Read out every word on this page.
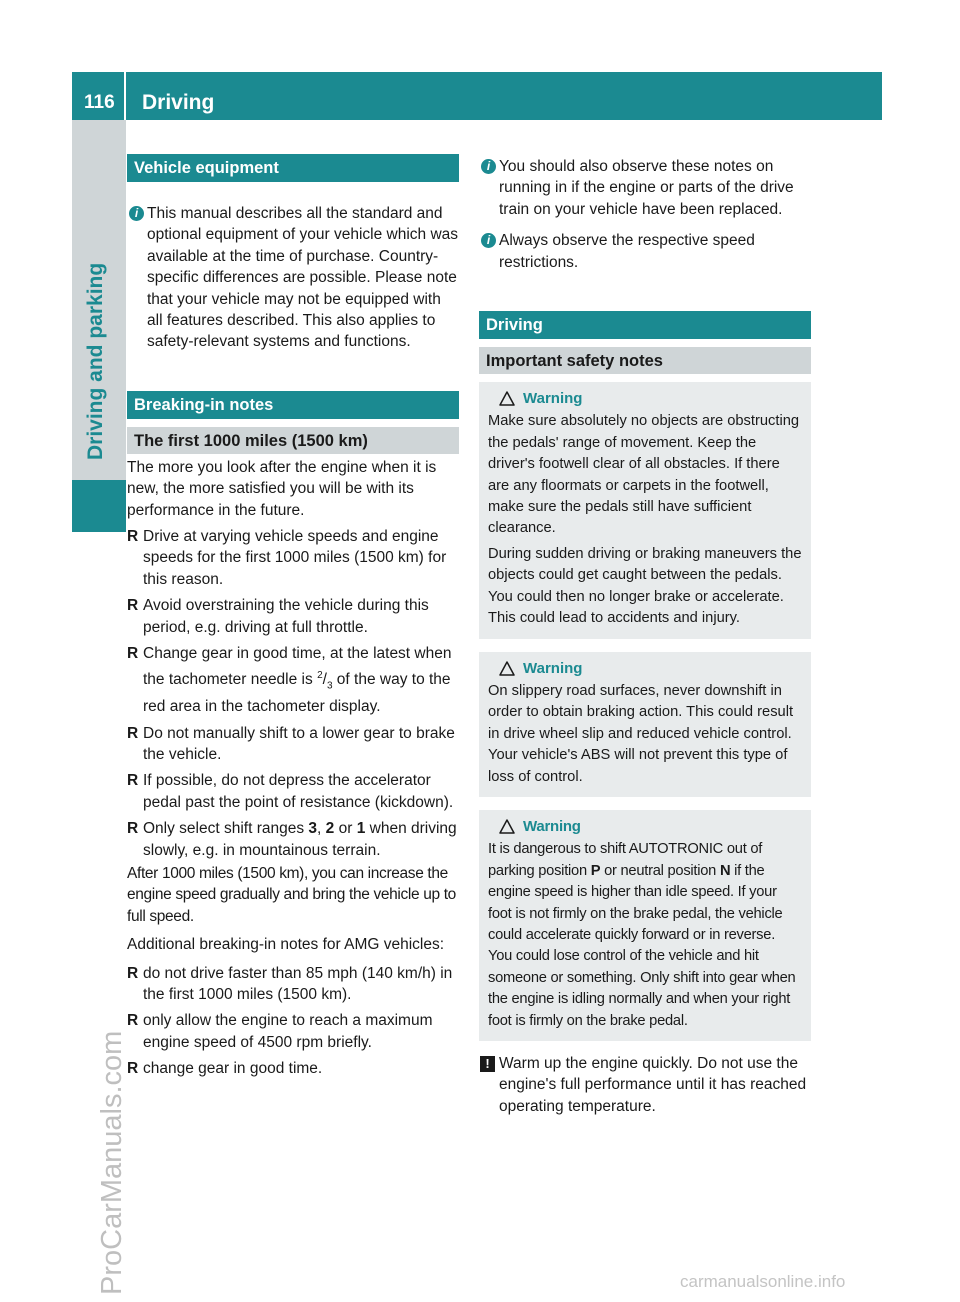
116 Driving
Driving and parking
ProCarManuals.com
Vehicle equipment
i This manual describes all the standard and optional equipment of your vehicle which was available at the time of purchase. Country-specific differences are possible. Please note that your vehicle may not be equipped with all features described. This also applies to safety-relevant systems and functions.

Breaking-in notes
The first 1000 miles (1500 km)

The more you look after the engine when it is new, the more satisfied you will be with its performance in the future.

R Drive at varying vehicle speeds and engine speeds for the first 1000 miles (1500 km) for this reason.
R Avoid overstraining the vehicle during this period, e.g. driving at full throttle.
R Change gear in good time, at the latest when the tachometer needle is $^2/_3$ of the way to the red area in the tachometer display.
R Do not manually shift to a lower gear to brake the vehicle.
R If possible, do not depress the accelerator pedal past the point of resistance (kickdown).
R Only select shift ranges 3, 2 or 1 when driving slowly, e.g. in mountainous terrain.

After 1000 miles (1500 km), you can increase the engine speed gradually and bring the vehicle up to full speed.

Additional breaking-in notes for AMG vehicles:

R do not drive faster than 85 mph (140 km/h) in the first 1000 miles (1500 km).
R only allow the engine to reach a maximum engine speed of 4500 rpm briefly.
R change gear in good time.
i You should also observe these notes on running in if the engine or parts of the drive train on your vehicle have been replaced.

i Always observe the respective speed restrictions.

Driving
Important safety notes
Warning

Make sure absolutely no objects are obstructing the pedals' range of movement. Keep the driver's footwell clear of all obstacles. If there are any floormats or carpets in the footwell, make sure the pedals still have sufficient clearance.

During sudden driving or braking maneuvers the objects could get caught between the pedals. You could then no longer brake or accelerate. This could lead to accidents and injury.

Warning

On slippery road surfaces, never downshift in order to obtain braking action. This could result in drive wheel slip and reduced vehicle control. Your vehicle's ABS will not prevent this type of loss of control.

Warning

It is dangerous to shift AUTOTRONIC out of parking position P or neutral position N if the engine speed is higher than idle speed. If your foot is not firmly on the brake pedal, the vehicle could accelerate quickly forward or in reverse. You could lose control of the vehicle and hit someone or something. Only shift into gear when the engine is idling normally and when your right foot is firmly on the brake pedal.

! Warm up the engine quickly. Do not use the engine's full performance until it has reached operating temperature.

carmanualsonline.info
